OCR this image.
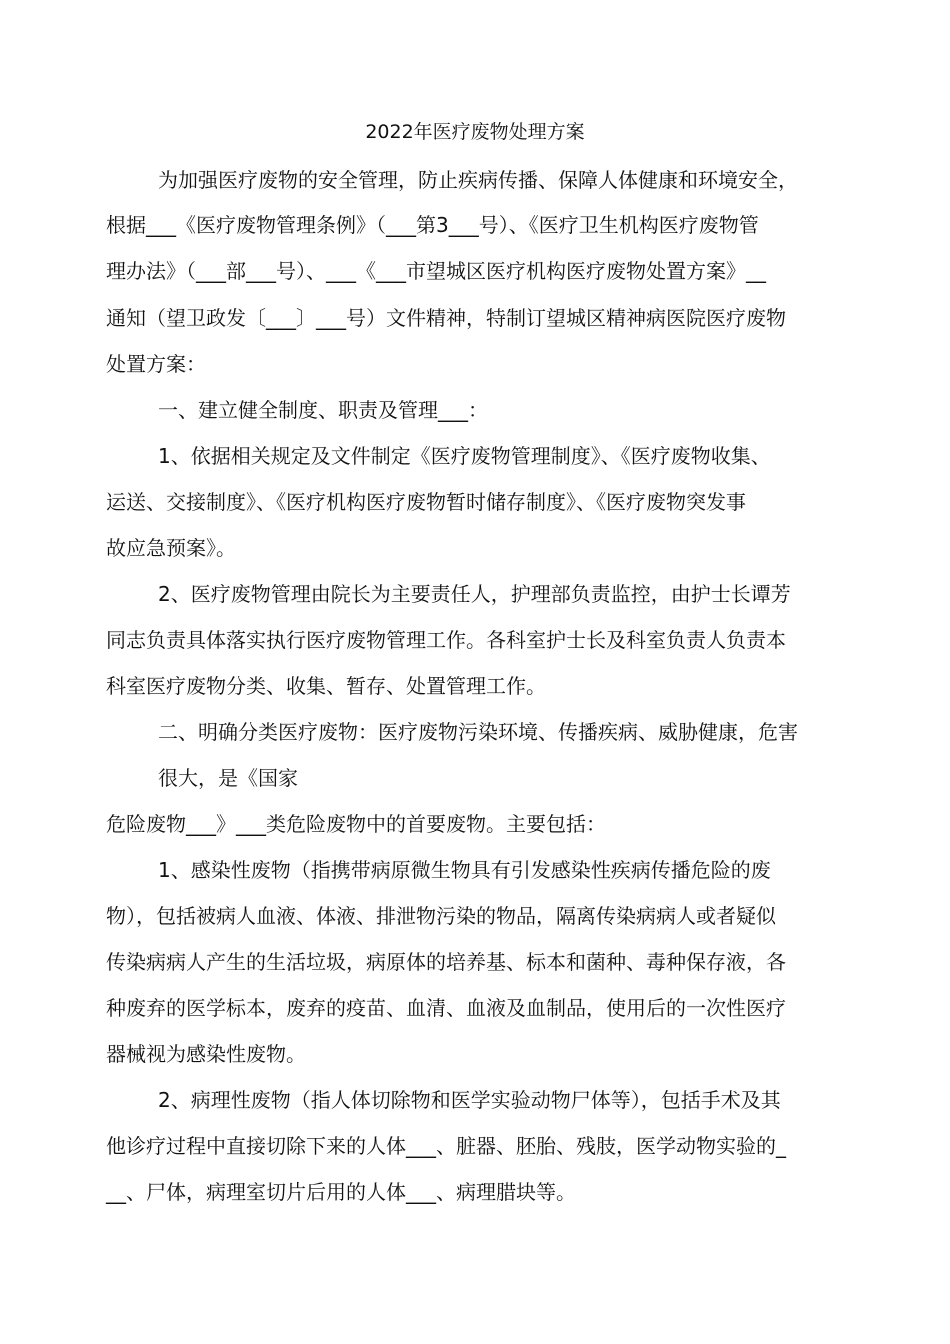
2022年医疗废物处理方案
为加强医疗废物的安全管理，防止疾病传播、保障人体健康和环境安全，
根据___《医疗废物管理条例》（___第3___号）、《医疗卫生机构医疗废物管
理办法》（___部___号）、___《___市望城区医疗机构医疗废物处置方案》__
通知（望卫政发〔___〕___号）文件精神，特制订望城区精神病医院医疗废物
处置方案：
一、建立健全制度、职责及管理___：
1、依据相关规定及文件制定《医疗废物管理制度》、《医疗废物收集、
运送、交接制度》、《医疗机构医疗废物暂时储存制度》、《医疗废物突发事
故应急预案》。
2、医疗废物管理由院长为主要责任人，护理部负责监控，由护士长谭芳
同志负责具体落实执行医疗废物管理工作。各科室护士长及科室负责人负责本
科室医疗废物分类、收集、暂存、处置管理工作。
二、明确分类医疗废物：医疗废物污染环境、传播疾病、威胁健康，危害
很大，是《国家
危险废物___》___类危险废物中的首要废物。主要包括：
1、感染性废物（指携带病原微生物具有引发感染性疾病传播危险的废
物），包括被病人血液、体液、排泄物污染的物品，隔离传染病病人或者疑似
传染病病人产生的生活垃圾，病原体的培养基、标本和菌种、毒种保存液，各
种废弃的医学标本，废弃的疫苗、血清、血液及血制品，使用后的一次性医疗
器械视为感染性废物。
2、病理性废物（指人体切除物和医学实验动物尸体等），包括手术及其
他诊疗过程中直接切除下来的人体___、脏器、胚胎、残肢，医学动物实验的_
__、尸体，病理室切片后用的人体___、病理腊块等。
